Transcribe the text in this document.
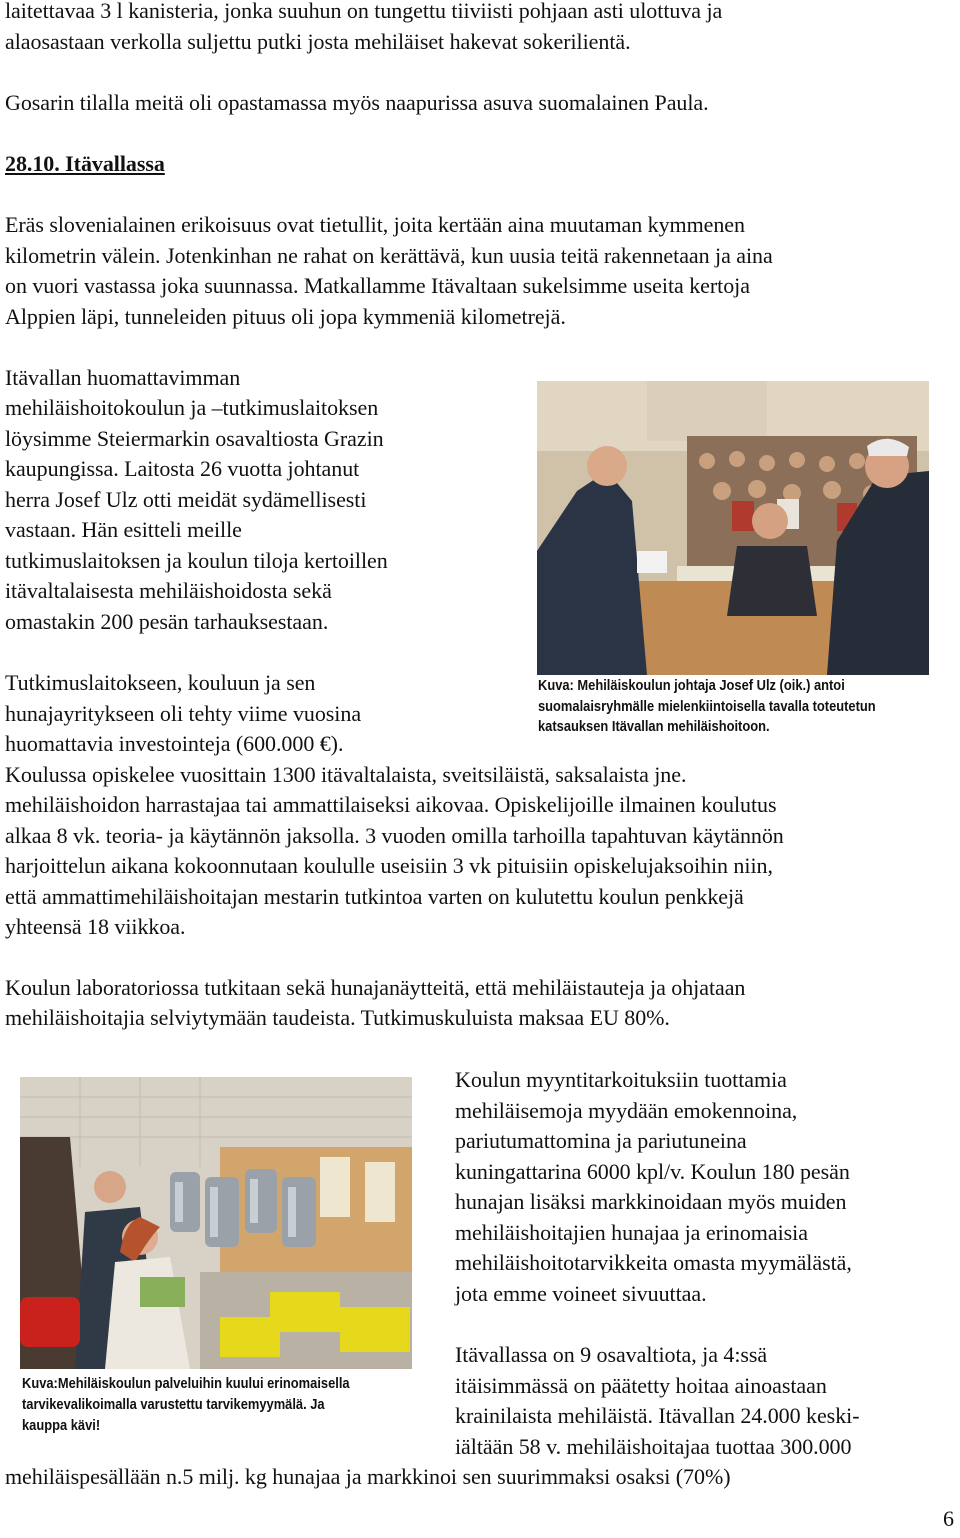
laitettavaa 3 l kanisteria, jonka suuhun on tungettu tiiviisti pohjaan asti ulottuva ja
alaosastaan verkolla suljettu putki josta mehiläiset hakevat sokerilientä.
Gosarin tilalla meitä oli opastamassa myös naapurissa asuva suomalainen Paula.
28.10. Itävallassa
Eräs slovenialainen erikoisuus ovat tietullit, joita kertään aina muutaman kymmenen
kilometrin välein. Jotenkinhan ne rahat on kerättävä, kun uusia teitä rakennetaan ja aina
on vuori vastassa joka suunnassa. Matkallamme Itävaltaan sukelsimme useita kertoja
Alppien läpi, tunneleiden pituus oli jopa kymmeniä kilometrejä.
Itävallan huomattavimman
mehiläishoitokoulun ja –tutkimuslaitoksen
löysimme Steiermarkin osavaltiosta Grazin
kaupungissa. Laitosta 26 vuotta johtanut
herra Josef Ulz otti meidät sydämellisesti
vastaan. Hän esitteli meille
tutkimuslaitoksen ja koulun tiloja kertoillen
itävaltalaisesta mehiläishoidosta sekä
omastakin 200 pesän tarhauksestaan.
Kuva: Mehiläiskoulun johtaja Josef Ulz (oik.) antoi
suomalaisryhmälle mielenkiintoisella tavalla toteutetun
katsauksen Itävallan mehiläishoitoon.
Tutkimuslaitokseen, kouluun ja sen
hunajayritykseen oli tehty viime vuosina
huomattavia investointeja (600.000 €).
Koulussa opiskelee vuosittain 1300 itävaltalaista, sveitsiläistä, saksalaista jne.
mehiläishoidon harrastajaa tai ammattilaiseksi aikovaa. Opiskelijoille ilmainen koulutus
alkaa 8 vk. teoria- ja käytännön jaksolla. 3 vuoden omilla tarhoilla tapahtuvan käytännön
harjoittelun aikana kokoonnutaan koululle useisiin 3 vk pituisiin opiskelujaksoihin niin,
että ammattimehiläishoitajan mestarin tutkintoa varten on kulutettu koulun penkkejä
yhteensä 18 viikkoa.
Koulun laboratoriossa tutkitaan sekä hunajanäytteitä, että mehiläistauteja ja ohjataan
mehiläishoitajia selviytymään taudeista. Tutkimuskuluista maksaa EU 80%.
Kuva:Mehiläiskoulun palveluihin kuului erinomaisella
tarvikevalikoimalla varustettu tarvikemyymälä. Ja
kauppa kävi!
Koulun myyntitarkoituksiin tuottamia
mehiläisemoja myydään emokennoina,
pariutumattomina ja pariutuneina
kuningattarina 6000 kpl/v. Koulun 180 pesän
hunajan lisäksi markkinoidaan myös muiden
mehiläishoitajien hunajaa ja erinomaisia
mehiläishoitotarvikkeita omasta myymälästä,
jota emme voineet sivuuttaa.
Itävallassa on 9 osavaltiota, ja 4:ssä
itäisimmässä on päätetty hoitaa ainoastaan
krainilaista mehiläistä. Itävallan 24.000 keski-
iältään 58 v. mehiläishoitajaa tuottaa 300.000
mehiläispesällään n.5 milj. kg hunajaa ja markkinoi sen suurimmaksi osaksi (70%)
6
